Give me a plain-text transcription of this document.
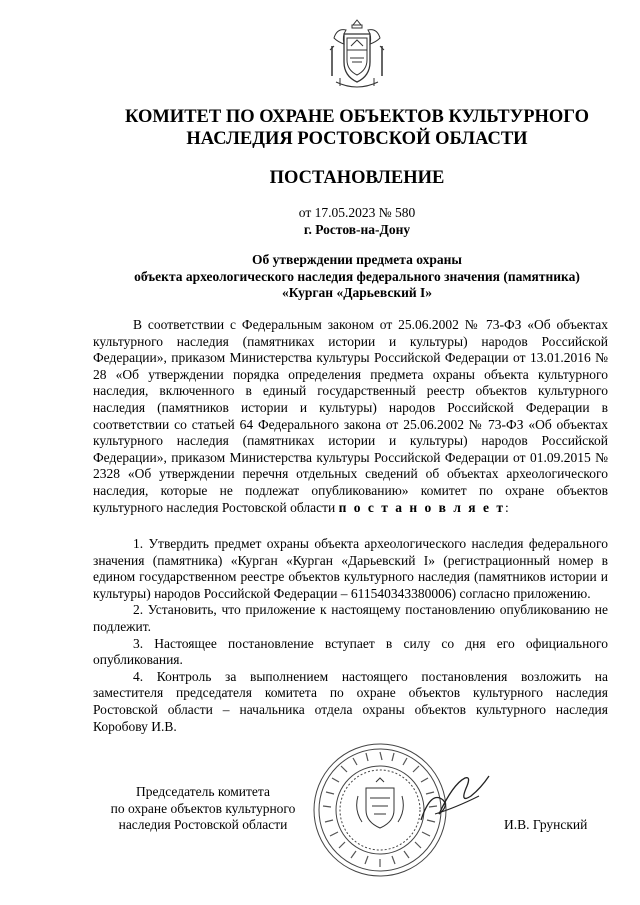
КОМИТЕТ ПО ОХРАНЕ ОБЪЕКТОВ КУЛЬТУРНОГО
НАСЛЕДИЯ РОСТОВСКОЙ ОБЛАСТИ
ПОСТАНОВЛЕНИЕ
от 17.05.2023 № 580
г. Ростов-на-Дону
Об утверждении предмета охраны
объекта археологического наследия федерального значения (памятника)
«Курган «Дарьевский I»

В соответствии с Федеральным законом от 25.06.2002 № 73-ФЗ «Об объектах культурного наследия (памятниках истории и культуры) народов Российской Федерации», приказом Министерства культуры Российской Федерации от 13.01.2016 № 28 «Об утверждении порядка определения предмета охраны объекта культурного наследия, включенного в единый государственный реестр объектов культурного наследия (памятников истории и культуры) народов Российской Федерации в соответствии со статьей 64 Федерального закона от 25.06.2002 № 73-ФЗ «Об объектах культурного наследия (памятниках истории и культуры) народов Российской Федерации», приказом Министерства культуры Российской Федерации от 01.09.2015 № 2328 «Об утверждении перечня отдельных сведений об объектах археологического наследия, которые не подлежат опубликованию» комитет по охране объектов культурного наследия Ростовской области п о с т а н о в л я е т:

1. Утвердить предмет охраны объекта археологического наследия федерального значения (памятника) «Курган «Курган «Дарьевский I» (регистрационный номер в едином государственном реестре объектов культурного наследия (памятников истории и культуры) народов Российской Федерации – 611540343380006) согласно приложению.

2. Установить, что приложение к настоящему постановлению опубликованию не подлежит.

3. Настоящее постановление вступает в силу со дня его официального опубликования.

4. Контроль за выполнением настоящего постановления возложить на заместителя председателя комитета по охране объектов культурного наследия Ростовской области – начальника отдела охраны объектов культурного наследия Коробову И.В.

Председатель комитета
по охране объектов культурного
наследия Ростовской области	И.В. Грунский
